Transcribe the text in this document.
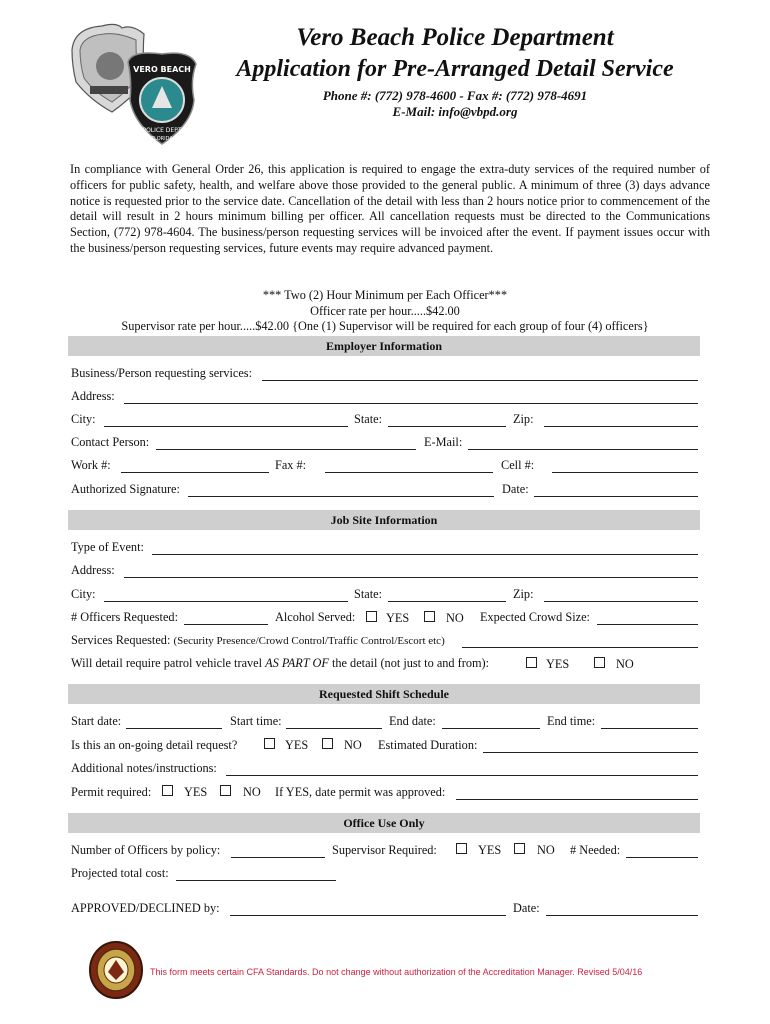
VERO BEACH
POLICE DEPT
FLORIDA
Vero Beach Police Department
Application for Pre-Arranged Detail Service
Phone #: (772) 978-4600 - Fax #: (772) 978-4691
E-Mail: info@vbpd.org
In compliance with General Order 26, this application is required to engage the extra-duty services of the required number of officers for public safety, health, and welfare above those provided to the general public. A minimum of three (3) days advance notice is requested prior to the service date. Cancellation of the detail with less than 2 hours notice prior to commencement of the detail will result in 2 hours minimum billing per officer. All cancellation requests must be directed to the Communications Section, (772) 978-4604. The business/person requesting services will be invoiced after the event. If payment issues occur with the business/person requesting services, future events may require advanced payment.
*** Two (2) Hour Minimum per Each Officer***
Officer rate per hour.....$42.00
Supervisor rate per hour.....$42.00 {One (1) Supervisor will be required for each group of four (4) officers}
Employer Information
Business/Person requesting services:
Address:
City:	State:	Zip:
Contact Person:	E-Mail:
Work #:	Fax #:	Cell #:
Authorized Signature:	Date:
Job Site Information
Type of Event:
Address:
City:	State:	Zip:
# Officers Requested:	Alcohol Served: YES	NO Expected Crowd Size:
Services Requested: (Security Presence/Crowd Control/Traffic Control/Escort etc)
Will detail require patrol vehicle travel AS PART OF the detail (not just to and from):	YES	NO
Requested Shift Schedule
Start date:	Start time:	End date:	End time:
Is this an on-going detail request?	YES	NO Estimated Duration:
Additional notes/instructions:
Permit required:	YES	NO If YES, date permit was approved:
Office Use Only
Number of Officers by policy:	Supervisor Required:	YES	NO # Needed:
Projected total cost:
APPROVED/DECLINED by:	Date:
This form meets certain CFA Standards. Do not change without authorization of the Accreditation Manager. Revised 5/04/16
